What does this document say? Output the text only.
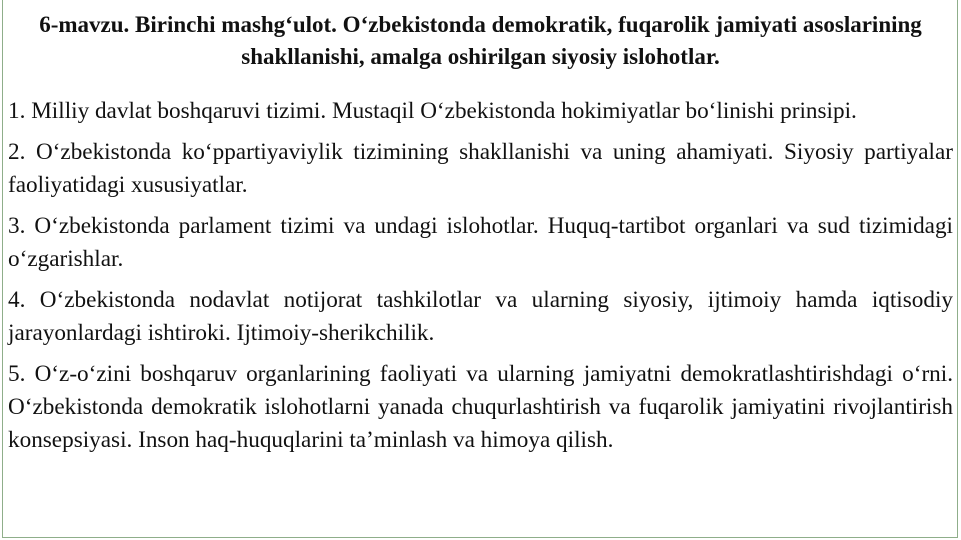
6-mavzu. Birinchi mashg‘ulot. O‘zbekistonda demokratik, fuqarolik jamiyati asoslarining shakllanishi, amalga oshirilgan siyosiy islohotlar.
1. Milliy davlat boshqaruvi tizimi. Mustaqil O‘zbekistonda hokimiyatlar bo‘linishi prinsipi.
2. O‘zbekistonda ko‘ppartiyaviylik tizimining shakllanishi va uning ahamiyati. Siyosiy partiyalar faoliyatidagi xususiyatlar.
3. O‘zbekistonda parlament tizimi va undagi islohotlar. Huquq-tartibot organlari va sud tizimidagi o‘zgarishlar.
4. O‘zbekistonda nodavlat notijorat tashkilotlar va ularning siyosiy, ijtimoiy hamda iqtisodiy jarayonlardagi ishtiroki. Ijtimoiy-sherikchilik.
5. O‘z-o‘zini boshqaruv organlarining faoliyati va ularning jamiyatni demokratlashtirishdagi o‘rni. O‘zbekistonda demokratik islohotlarni yanada chuqurlashtirish va fuqarolik jamiyatini rivojlantirish konsepsiyasi. Inson haq-huquqlarini ta’minlash va himoya qilish.
